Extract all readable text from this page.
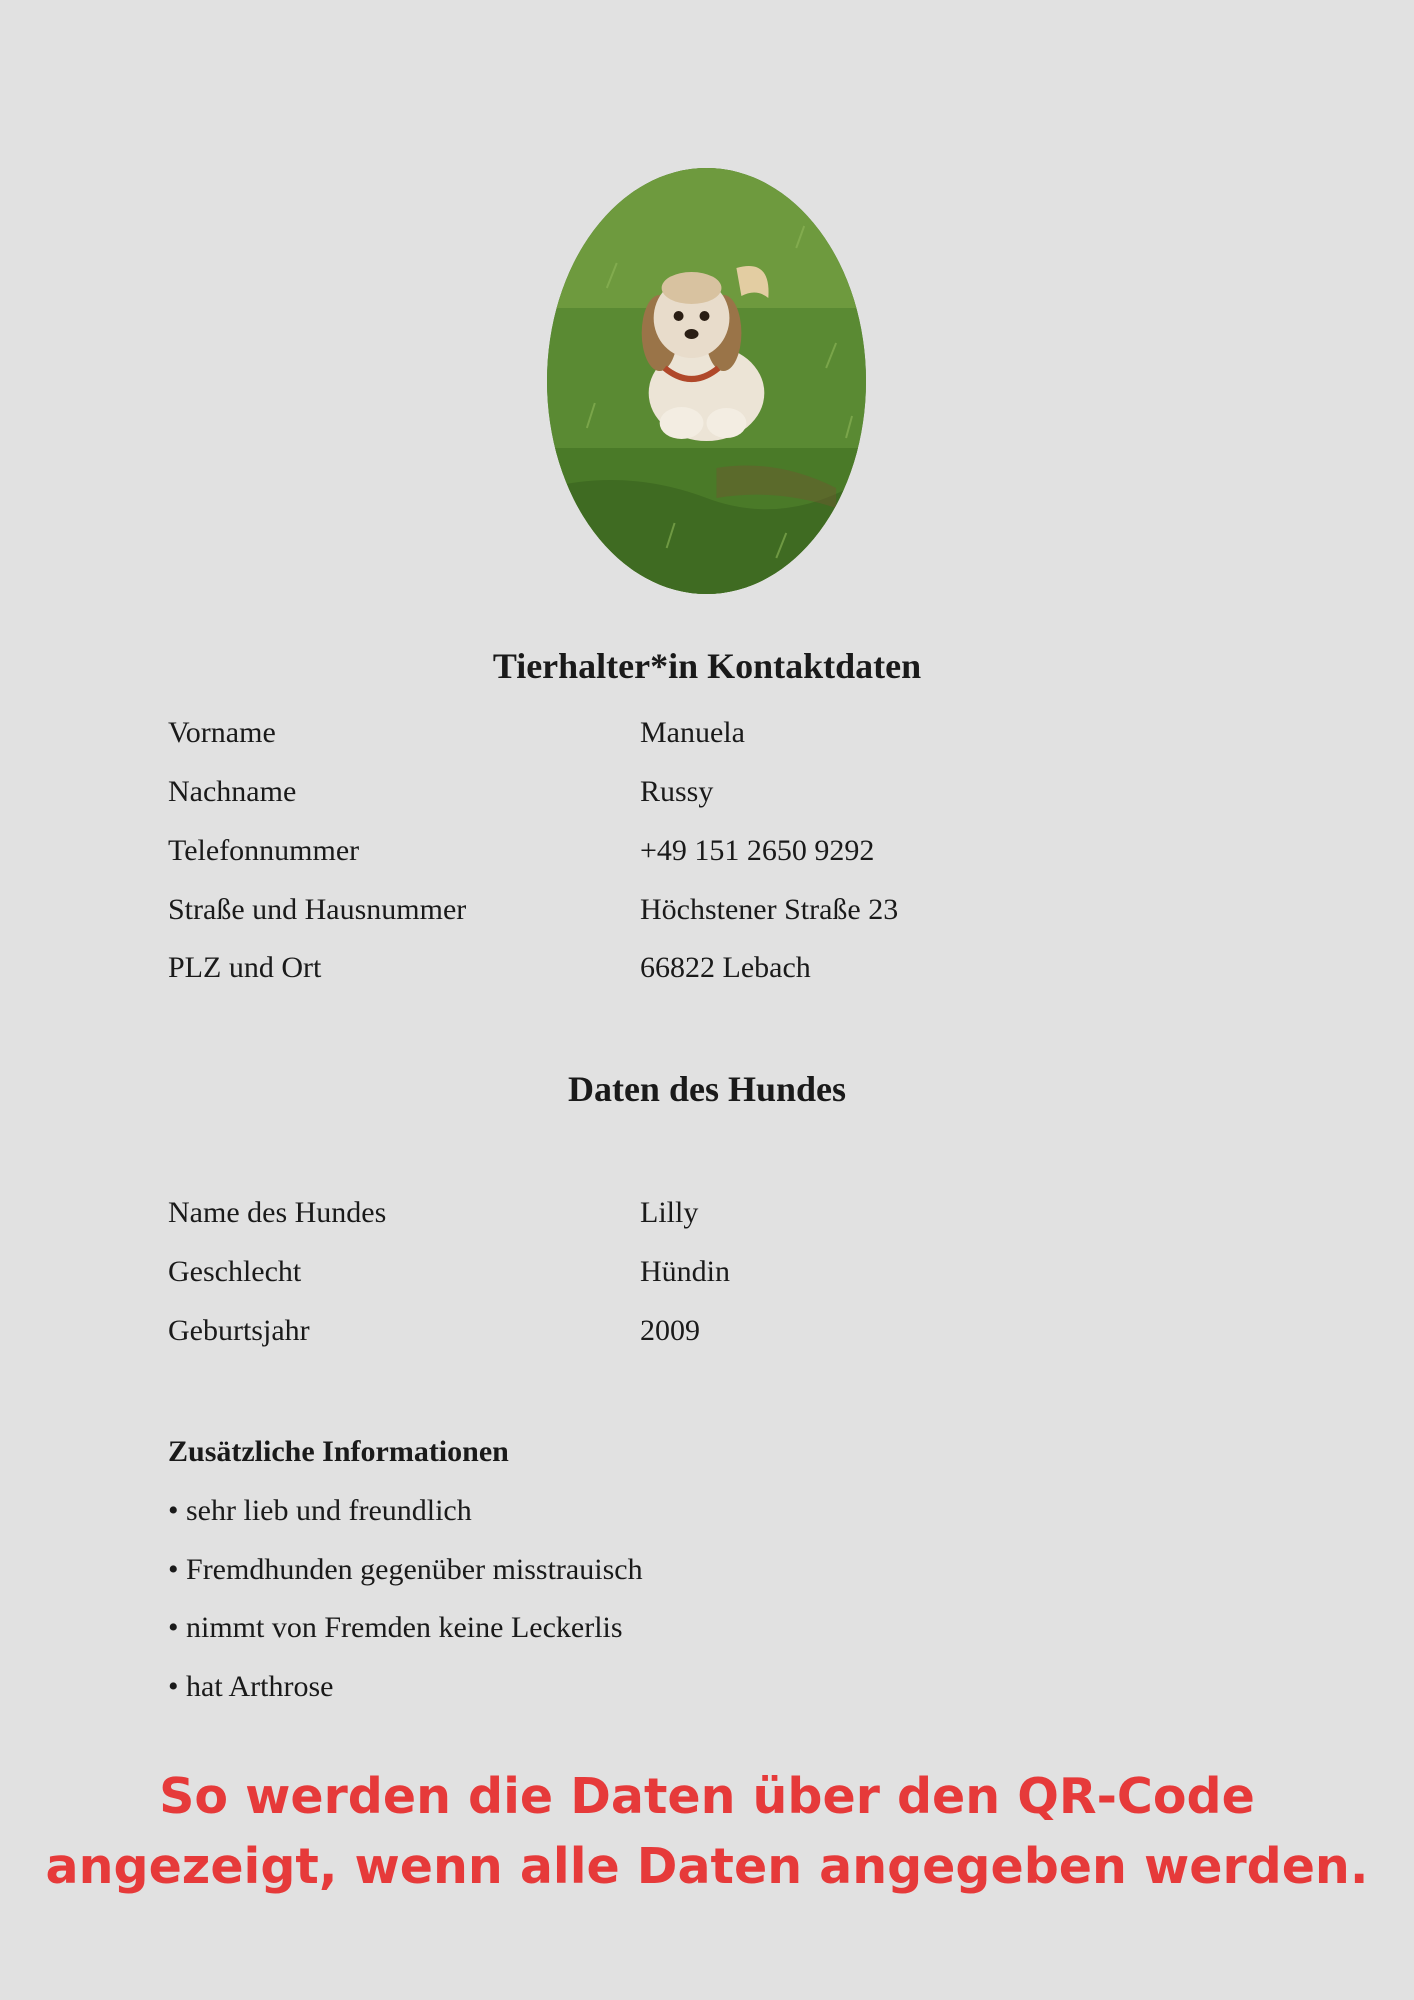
Tierhalter*in Kontaktdaten
Vorname	Manuela
Nachname	Russy
Telefonnummer	+49 151 2650 9292
Straße und Hausnummer	Höchstener Straße 23
PLZ und Ort	66822 Lebach
Daten des Hundes
Name des Hundes	Lilly
Geschlecht	Hündin
Geburtsjahr	2009
Zusätzliche Informationen
• sehr lieb und freundlich
• Fremdhunden gegenüber misstrauisch
• nimmt von Fremden keine Leckerlis
• hat Arthrose
So werden die Daten über den QR-Code
angezeigt, wenn alle Daten angegeben werden.
